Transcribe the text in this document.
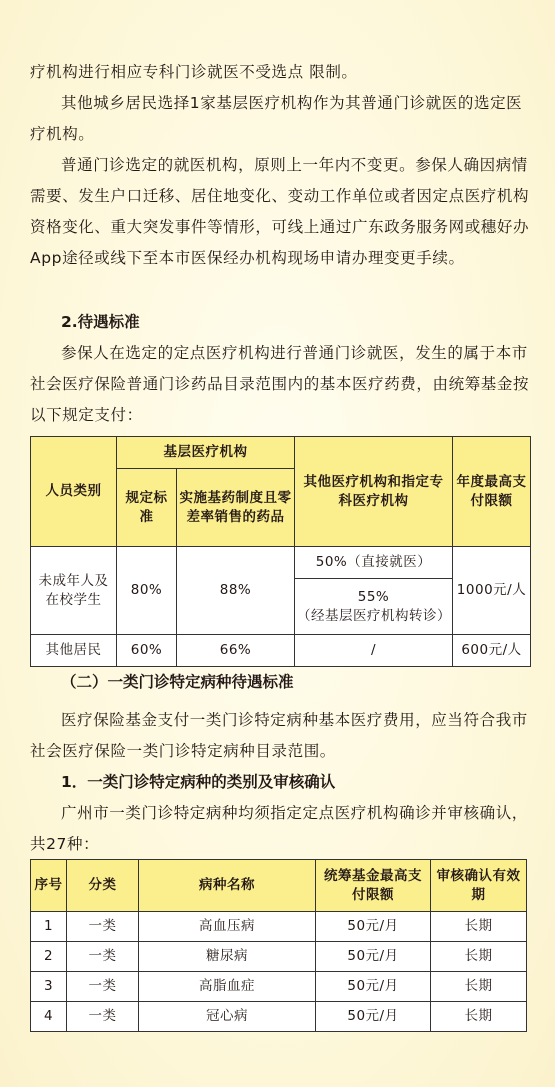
疗机构进行相应专科门诊就医不受选点 限制。

其他城乡居民选择1家基层医疗机构作为其普通门诊就医的选定医疗机构。

普通门诊选定的就医机构，原则上一年内不变更。参保人确因病情需要、发生户口迁移、居住地变化、变动工作单位或者因定点医疗机构资格变化、重大突发事件等情形，可线上通过广东政务服务网或穗好办App途径或线下至本市医保经办机构现场申请办理变更手续。

2.待遇标准

参保人在选定的定点医疗机构进行普通门诊就医，发生的属于本市社会医疗保险普通门诊药品目录范围内的基本医疗药费，由统筹基金按以下规定支付：

人员类别	基层医疗机构		其他医疗机构和指定专科医疗机构	年度最高支付限额
	规定标准	实施基药制度且零差率销售的药品		
未成年人及在校学生	80%	88%	50%（直接就医）	1000元/人

			55%
（经基层医疗机构转诊）	

其他居民	60%	66%	/	600元/人
（二）一类门诊特定病种待遇标准

医疗保险基金支付一类门诊特定病种基本医疗费用，应当符合我市社会医疗保险一类门诊特定病种目录范围。

1．一类门诊特定病种的类别及审核确认

广州市一类门诊特定病种均须指定定点医疗机构确诊并审核确认，共27种：

序号	分类	病种名称	统筹基金最高支付限额	审核确认有效期
1	一类	高血压病	50元/月	长期
2	一类	糖尿病	50元/月	长期
3	一类	高脂血症	50元/月	长期
4	一类	冠心病	50元/月	长期
